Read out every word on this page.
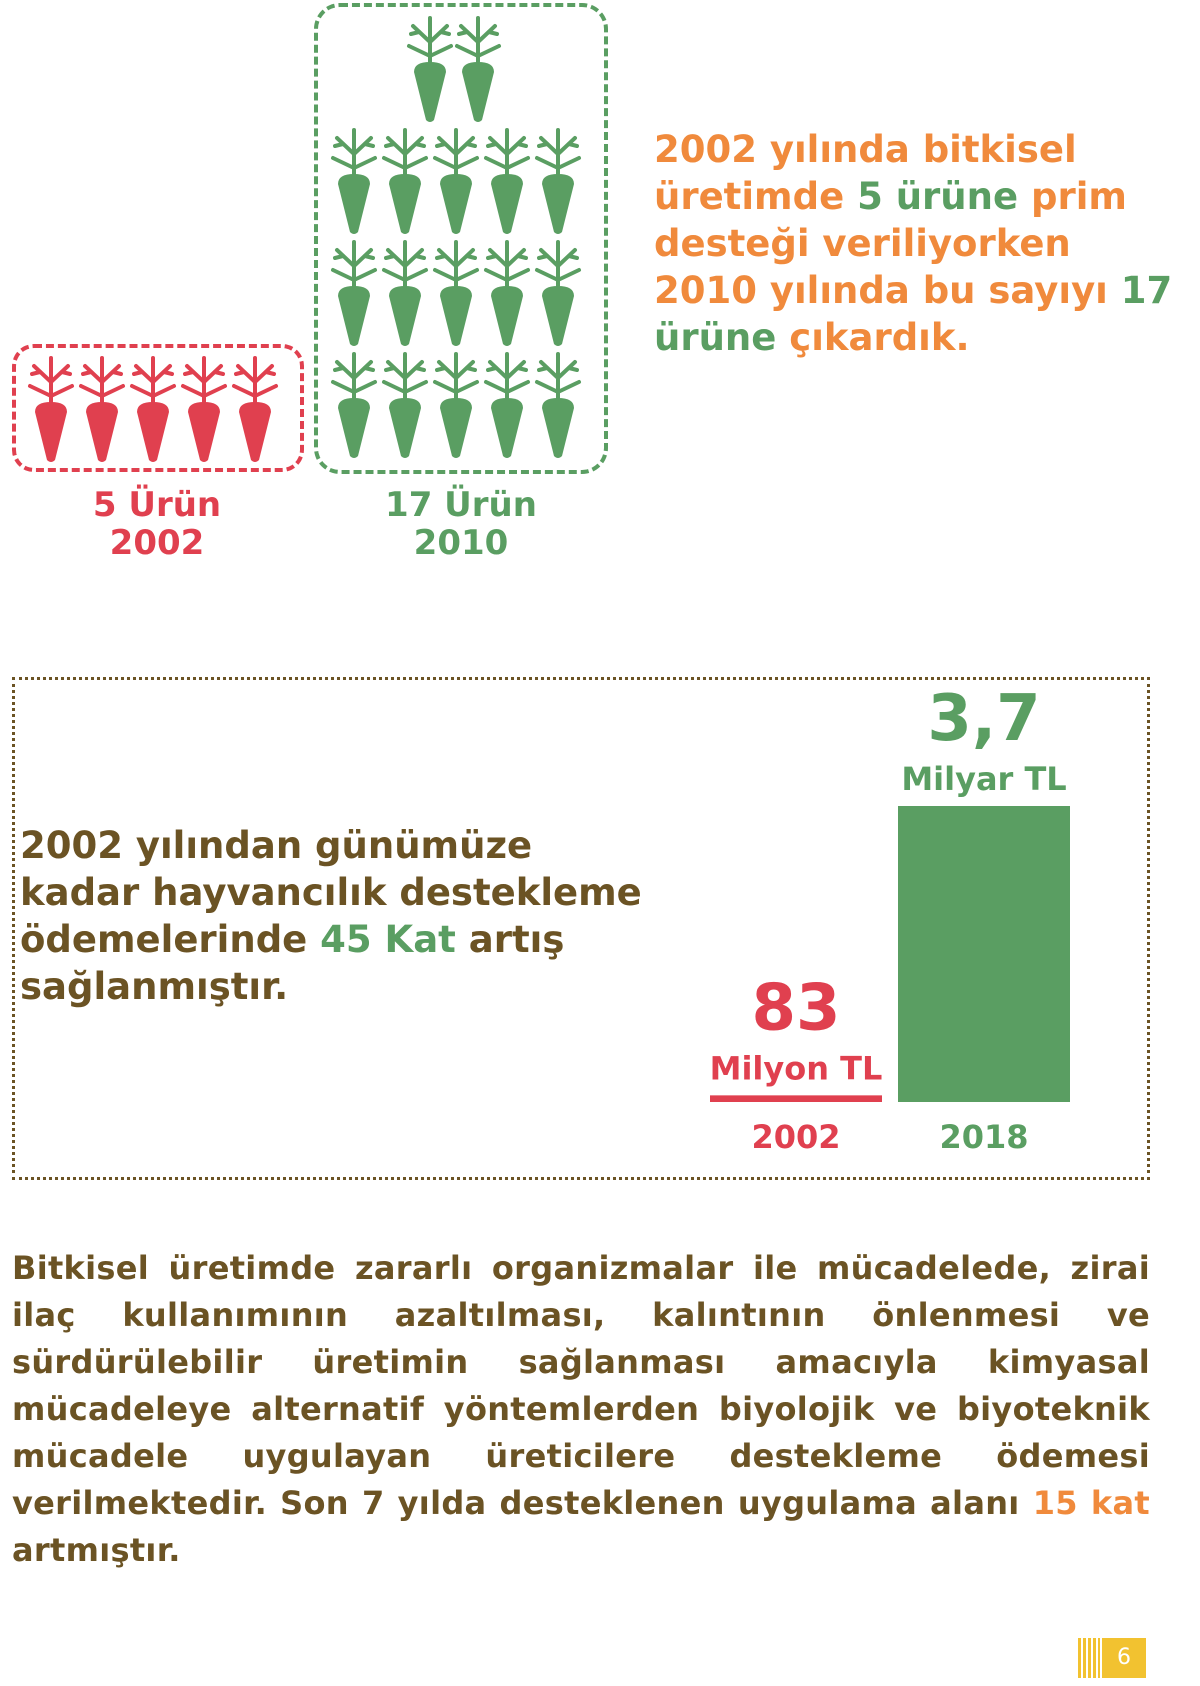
5 Ürün
2002
17 Ürün
2010
2002 yılında bitkisel üretimde 5 ürüne prim desteği veriliyorken 2010 yılında bu sayıyı 17 ürüne çıkardık.
2002 yılından günümüze kadar hayvancılık destekleme ödemelerinde 45 Kat artış sağlanmıştır.	83
Milyon TL
2002
3,7
Milyar TL
2018
Bitkisel üretimde zararlı organizmalar ile mücadelede, zirai ilaç kullanımının azaltılması, kalıntının önlenmesi ve sürdürülebilir üretimin sağlanması amacıyla kimyasal mücadeleye alternatif yöntemlerden biyolojik ve biyoteknik mücadele uygulayan üreticilere destekleme ödemesi verilmektedir. Son 7 yılda desteklenen uygulama alanı 15 kat artmıştır.
6
